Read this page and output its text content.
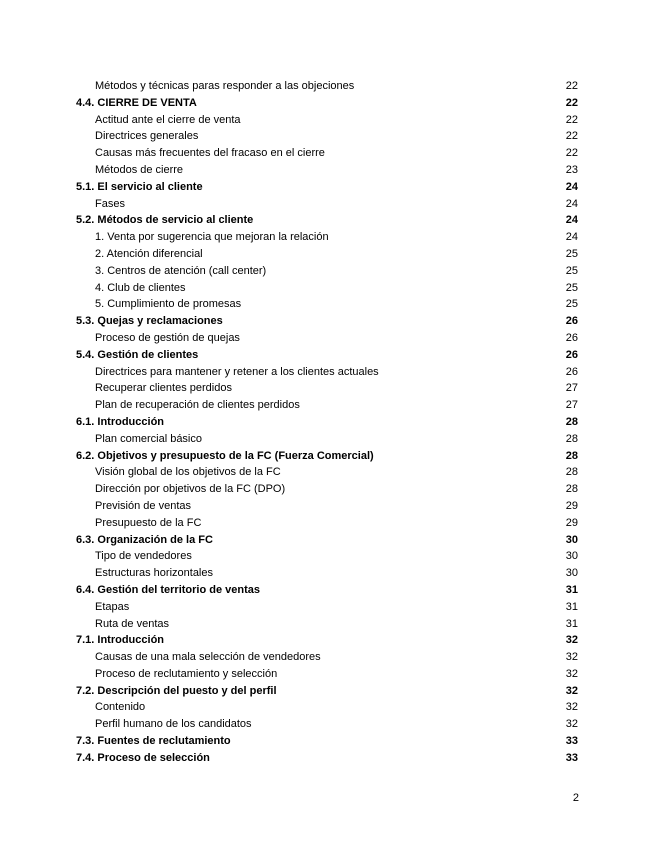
Métodos y técnicas paras responder a las objeciones	22
4.4. CIERRE DE VENTA	22
Actitud ante el cierre de venta	22
Directrices generales	22
Causas más frecuentes del fracaso en el cierre	22
Métodos de cierre	23
5.1. El servicio al cliente	24
Fases	24
5.2. Métodos de servicio al cliente	24
1. Venta por sugerencia que mejoran la relación	24
2. Atención diferencial	25
3. Centros de atención (call center)	25
4. Club de clientes	25
5. Cumplimiento de promesas	25
5.3. Quejas y reclamaciones	26
Proceso de gestión de quejas	26
5.4. Gestión de clientes	26
Directrices para mantener y retener a los clientes actuales	26
Recuperar clientes perdidos	27
Plan de recuperación de clientes perdidos	27
6.1. Introducción	28
Plan comercial básico	28
6.2. Objetivos y presupuesto de la FC (Fuerza Comercial)	28
Visión global de los objetivos de la FC	28
Dirección por objetivos de la FC (DPO)	28
Previsión de ventas	29
Presupuesto de la FC	29
6.3. Organización de la FC	30
Tipo de vendedores	30
Estructuras horizontales	30
6.4. Gestión del territorio de ventas	31
Etapas	31
Ruta de ventas	31
7.1. Introducción	32
Causas de una mala selección de vendedores	32
Proceso de reclutamiento y selección	32
7.2. Descripción del puesto y del perfil	32
Contenido	32
Perfil humano de los candidatos	32
7.3. Fuentes de reclutamiento	33
7.4. Proceso de selección	33
2
